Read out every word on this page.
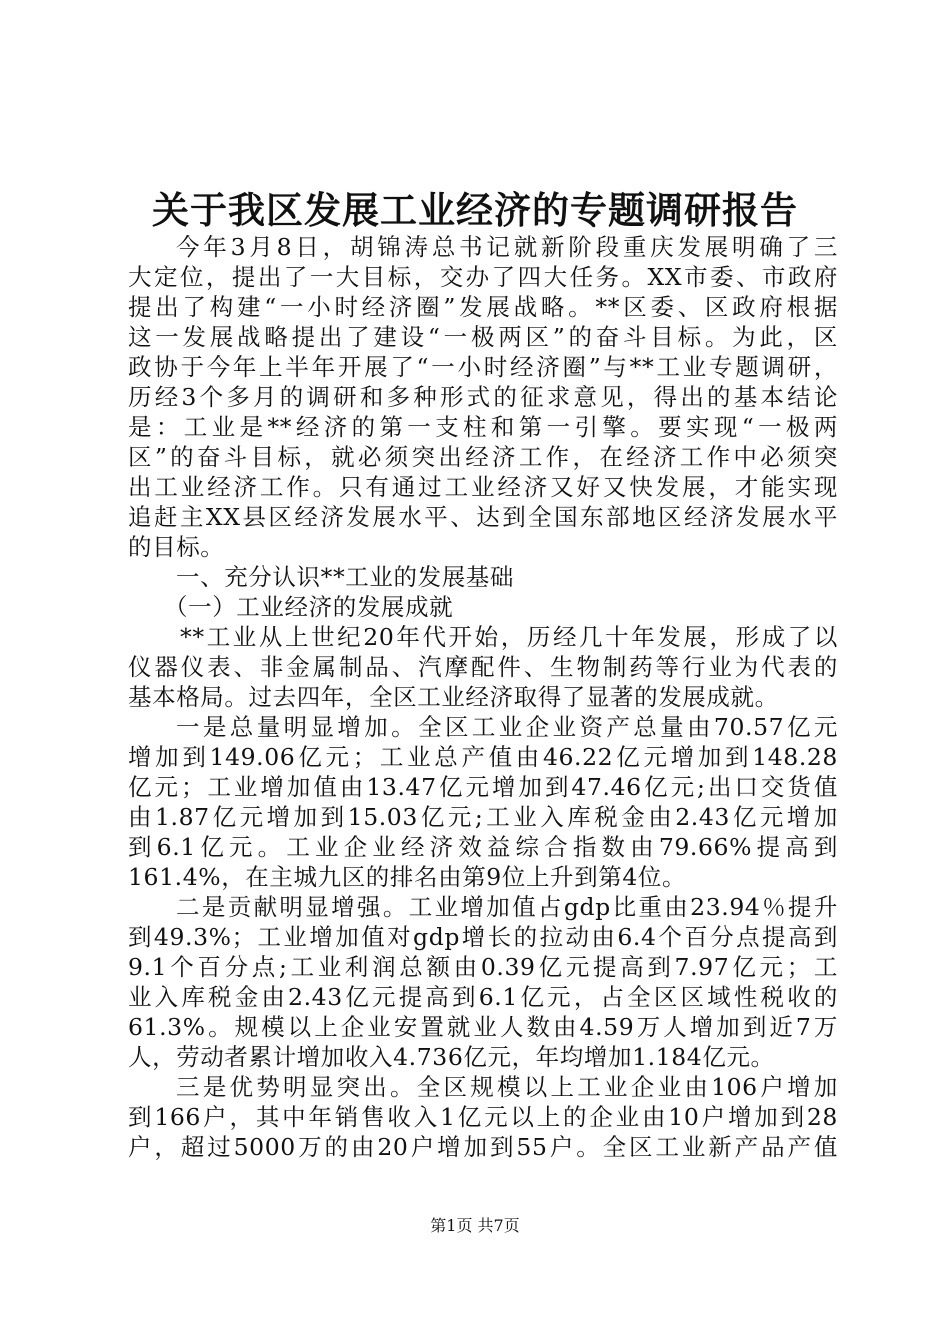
关于我区发展工业经济的专题调研报告
今年3月8日，胡锦涛总书记就新阶段重庆发展明确了三
大定位，提出了一大目标，交办了四大任务。XX市委、市政府
提出了构建“一小时经济圈”发展战略。**区委、区政府根据
这一发展战略提出了建设“一极两区”的奋斗目标。为此，区
政协于今年上半年开展了“一小时经济圈”与**工业专题调研，
历经3个多月的调研和多种形式的征求意见，得出的基本结论
是：工业是**经济的第一支柱和第一引擎。要实现“一极两
区”的奋斗目标，就必须突出经济工作，在经济工作中必须突
出工业经济工作。只有通过工业经济又好又快发展，才能实现
追赶主XX县区经济发展水平、达到全国东部地区经济发展水平
的目标。
一、充分认识**工业的发展基础
（一）工业经济的发展成就
**工业从上世纪20年代开始，历经几十年发展，形成了以
仪器仪表、非金属制品、汽摩配件、生物制药等行业为代表的
基本格局。过去四年，全区工业经济取得了显著的发展成就。
一是总量明显增加。全区工业企业资产总量由70.57亿元
增加到149.06亿元；工业总产值由46.22亿元增加到148.28
亿元；工业增加值由13.47亿元增加到47.46亿元;出口交货值
由1.87亿元增加到15.03亿元;工业入库税金由2.43亿元增加
到6.1亿元。工业企业经济效益综合指数由79.66%提高到
161.4%，在主城九区的排名由第9位上升到第4位。
二是贡献明显增强。工业增加值占gdp比重由23.94％提升
到49.3%；工业增加值对gdp增长的拉动由6.4个百分点提高到
9.1个百分点;工业利润总额由0.39亿元提高到7.97亿元；工
业入库税金由2.43亿元提高到6.1亿元，占全区区域性税收的
61.3%。规模以上企业安置就业人数由4.59万人增加到近7万
人，劳动者累计增加收入4.736亿元，年均增加1.184亿元。
三是优势明显突出。全区规模以上工业企业由106户增加
到166户，其中年销售收入1亿元以上的企业由10户增加到28
户，超过5000万的由20户增加到55户。全区工业新产品产值
第1页 共7页
